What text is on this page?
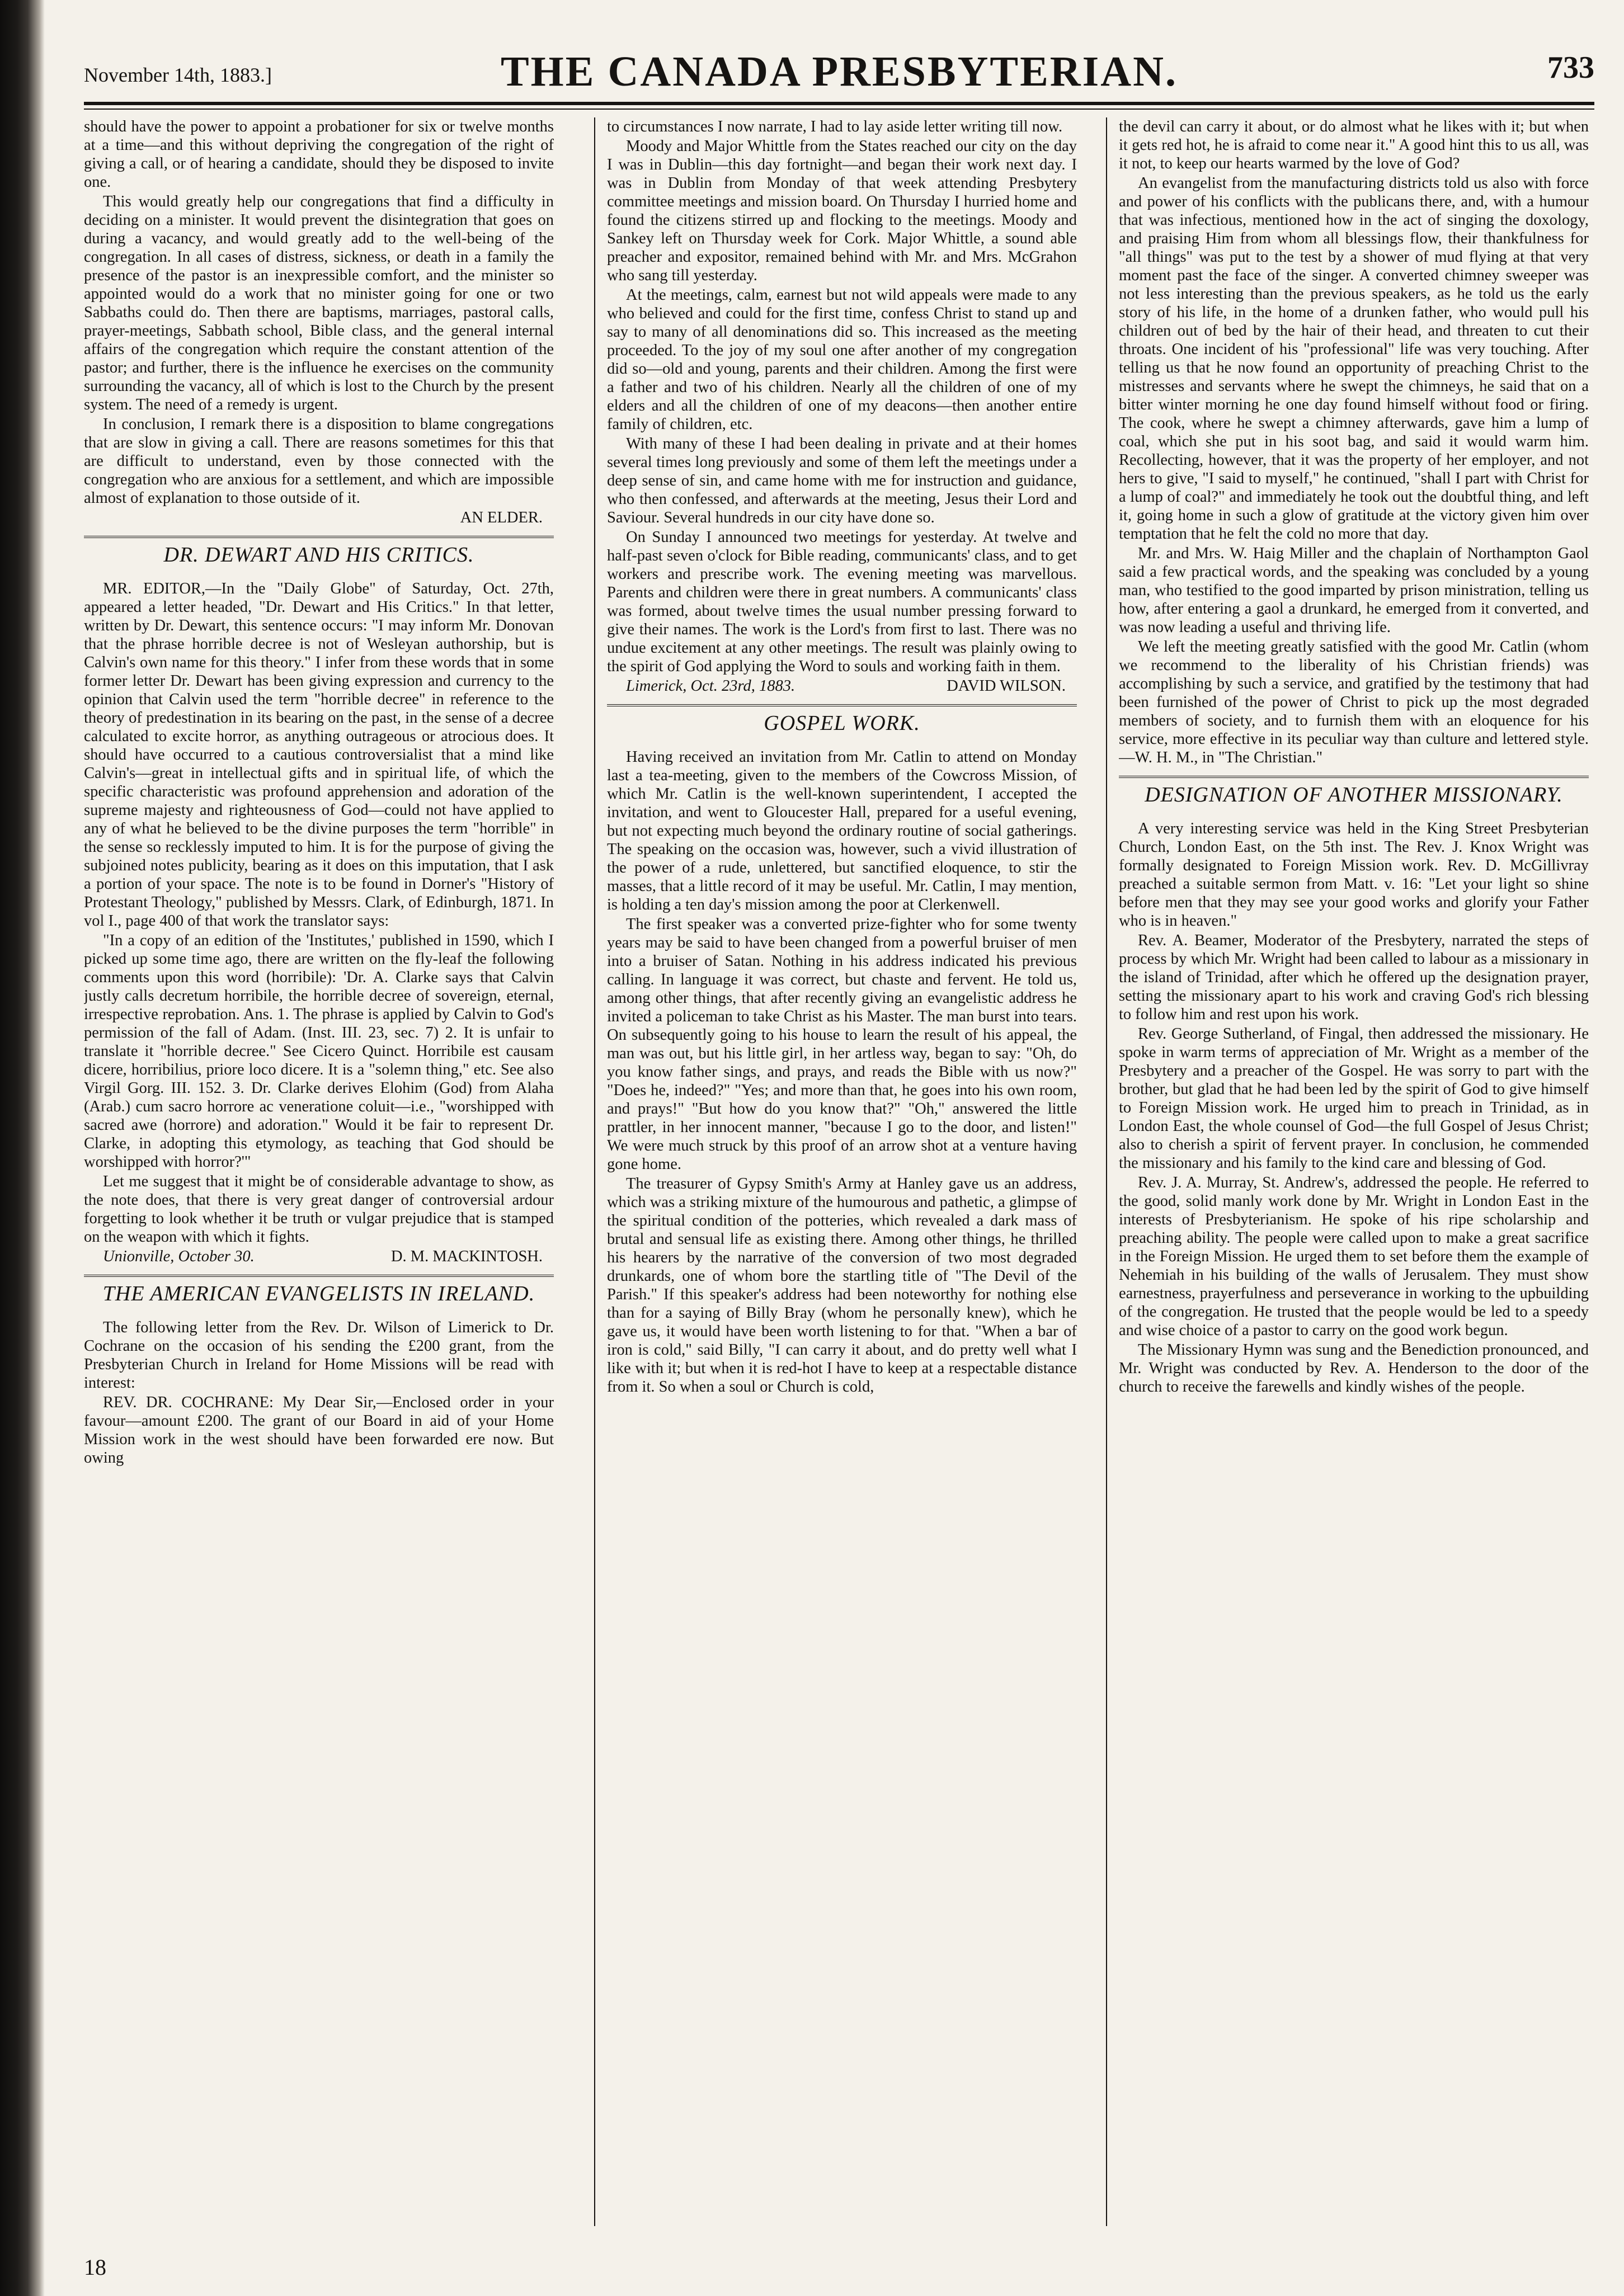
November 14th, 1883.]	THE CANADA PRESBYTERIAN.	733

should have the power to appoint a probationer for six or twelve months at a time—and this without depriving the congregation of the right of giving a call, or of hearing a candidate, should they be disposed to invite one.

This would greatly help our congregations that find a difficulty in deciding on a minister. It would prevent the disintegration that goes on during a vacancy, and would greatly add to the well-being of the congregation. In all cases of distress, sickness, or death in a family the presence of the pastor is an inexpressible comfort, and the minister so appointed would do a work that no minister going for one or two Sabbaths could do. Then there are baptisms, marriages, pastoral calls, prayer-meetings, Sabbath school, Bible class, and the general internal affairs of the congregation which require the constant attention of the pastor; and further, there is the influence he exercises on the community surrounding the vacancy, all of which is lost to the Church by the present system. The need of a remedy is urgent.

In conclusion, I remark there is a disposition to blame congregations that are slow in giving a call. There are reasons sometimes for this that are difficult to understand, even by those connected with the congregation who are anxious for a settlement, and which are impossible almost of explanation to those outside of it.

AN ELDER.
DR. DEWART AND HIS CRITICS.

MR. EDITOR,—In the "Daily Globe" of Saturday, Oct. 27th, appeared a letter headed, "Dr. Dewart and His Critics." In that letter, written by Dr. Dewart, this sentence occurs: "I may inform Mr. Donovan that the phrase horrible decree is not of Wesleyan authorship, but is Calvin's own name for this theory." I infer from these words that in some former letter Dr. Dewart has been giving expression and currency to the opinion that Calvin used the term "horrible decree" in reference to the theory of predestination in its bearing on the past, in the sense of a decree calculated to excite horror, as anything outrageous or atrocious does. It should have occurred to a cautious controversialist that a mind like Calvin's—great in intellectual gifts and in spiritual life, of which the specific characteristic was profound apprehension and adoration of the supreme majesty and righteousness of God—could not have applied to any of what he believed to be the divine purposes the term "horrible" in the sense so recklessly imputed to him. It is for the purpose of giving the subjoined notes publicity, bearing as it does on this imputation, that I ask a portion of your space. The note is to be found in Dorner's "History of Protestant Theology," published by Messrs. Clark, of Edinburgh, 1871. In vol I., page 400 of that work the translator says:

"In a copy of an edition of the 'Institutes,' published in 1590, which I picked up some time ago, there are written on the fly-leaf the following comments upon this word (horribile): 'Dr. A. Clarke says that Calvin justly calls decretum horribile, the horrible decree of sovereign, eternal, irrespective reprobation. Ans. 1. The phrase is applied by Calvin to God's permission of the fall of Adam. (Inst. III. 23, sec. 7) 2. It is unfair to translate it "horrible decree." See Cicero Quinct. Horribile est causam dicere, horribilius, priore loco dicere. It is a "solemn thing," etc. See also Virgil Gorg. III. 152. 3. Dr. Clarke derives Elohim (God) from Alaha (Arab.) cum sacro horrore ac veneratione coluit—i.e., "worshipped with sacred awe (horrore) and adoration." Would it be fair to represent Dr. Clarke, in adopting this etymology, as teaching that God should be worshipped with horror?'"

Let me suggest that it might be of considerable advantage to show, as the note does, that there is very great danger of controversial ardour forgetting to look whether it be truth or vulgar prejudice that is stamped on the weapon with which it fights.

Unionville, October 30.	D. M. MACKINTOSH.
THE AMERICAN EVANGELISTS IN IRELAND.

The following letter from the Rev. Dr. Wilson of Limerick to Dr. Cochrane on the occasion of his sending the £200 grant, from the Presbyterian Church in Ireland for Home Missions will be read with interest:

REV. DR. COCHRANE: My Dear Sir,—Enclosed order in your favour—amount £200. The grant of our Board in aid of your Home Mission work in the west should have been forwarded ere now. But owing

to circumstances I now narrate, I had to lay aside letter writing till now.

Moody and Major Whittle from the States reached our city on the day I was in Dublin—this day fortnight—and began their work next day. I was in Dublin from Monday of that week attending Presbytery committee meetings and mission board. On Thursday I hurried home and found the citizens stirred up and flocking to the meetings. Moody and Sankey left on Thursday week for Cork. Major Whittle, a sound able preacher and expositor, remained behind with Mr. and Mrs. McGrahon who sang till yesterday.

At the meetings, calm, earnest but not wild appeals were made to any who believed and could for the first time, confess Christ to stand up and say to many of all denominations did so. This increased as the meeting proceeded. To the joy of my soul one after another of my congregation did so—old and young, parents and their children. Among the first were a father and two of his children. Nearly all the children of one of my elders and all the children of one of my deacons—then another entire family of children, etc.

With many of these I had been dealing in private and at their homes several times long previously and some of them left the meetings under a deep sense of sin, and came home with me for instruction and guidance, who then confessed, and afterwards at the meeting, Jesus their Lord and Saviour. Several hundreds in our city have done so.

On Sunday I announced two meetings for yesterday. At twelve and half-past seven o'clock for Bible reading, communicants' class, and to get workers and prescribe work. The evening meeting was marvellous. Parents and children were there in great numbers. A communicants' class was formed, about twelve times the usual number pressing forward to give their names. The work is the Lord's from first to last. There was no undue excitement at any other meetings. The result was plainly owing to the spirit of God applying the Word to souls and working faith in them.

Limerick, Oct. 23rd, 1883.	DAVID WILSON.
GOSPEL WORK.

Having received an invitation from Mr. Catlin to attend on Monday last a tea-meeting, given to the members of the Cowcross Mission, of which Mr. Catlin is the well-known superintendent, I accepted the invitation, and went to Gloucester Hall, prepared for a useful evening, but not expecting much beyond the ordinary routine of social gatherings. The speaking on the occasion was, however, such a vivid illustration of the power of a rude, unlettered, but sanctified eloquence, to stir the masses, that a little record of it may be useful. Mr. Catlin, I may mention, is holding a ten day's mission among the poor at Clerkenwell.

The first speaker was a converted prize-fighter who for some twenty years may be said to have been changed from a powerful bruiser of men into a bruiser of Satan. Nothing in his address indicated his previous calling. In language it was correct, but chaste and fervent. He told us, among other things, that after recently giving an evangelistic address he invited a policeman to take Christ as his Master. The man burst into tears. On subsequently going to his house to learn the result of his appeal, the man was out, but his little girl, in her artless way, began to say: "Oh, do you know father sings, and prays, and reads the Bible with us now?" "Does he, indeed?" "Yes; and more than that, he goes into his own room, and prays!" "But how do you know that?" "Oh," answered the little prattler, in her innocent manner, "because I go to the door, and listen!" We were much struck by this proof of an arrow shot at a venture having gone home.

The treasurer of Gypsy Smith's Army at Hanley gave us an address, which was a striking mixture of the humourous and pathetic, a glimpse of the spiritual condition of the potteries, which revealed a dark mass of brutal and sensual life as existing there. Among other things, he thrilled his hearers by the narrative of the conversion of two most degraded drunkards, one of whom bore the startling title of "The Devil of the Parish." If this speaker's address had been noteworthy for nothing else than for a saying of Billy Bray (whom he personally knew), which he gave us, it would have been worth listening to for that. "When a bar of iron is cold," said Billy, "I can carry it about, and do pretty well what I like with it; but when it is red-hot I have to keep at a respectable distance from it. So when a soul or Church is cold,

the devil can carry it about, or do almost what he likes with it; but when it gets red hot, he is afraid to come near it." A good hint this to us all, was it not, to keep our hearts warmed by the love of God?

An evangelist from the manufacturing districts told us also with force and power of his conflicts with the publicans there, and, with a humour that was infectious, mentioned how in the act of singing the doxology, and praising Him from whom all blessings flow, their thankfulness for "all things" was put to the test by a shower of mud flying at that very moment past the face of the singer. A converted chimney sweeper was not less interesting than the previous speakers, as he told us the early story of his life, in the home of a drunken father, who would pull his children out of bed by the hair of their head, and threaten to cut their throats. One incident of his "professional" life was very touching. After telling us that he now found an opportunity of preaching Christ to the mistresses and servants where he swept the chimneys, he said that on a bitter winter morning he one day found himself without food or firing. The cook, where he swept a chimney afterwards, gave him a lump of coal, which she put in his soot bag, and said it would warm him. Recollecting, however, that it was the property of her employer, and not hers to give, "I said to myself," he continued, "shall I part with Christ for a lump of coal?" and immediately he took out the doubtful thing, and left it, going home in such a glow of gratitude at the victory given him over temptation that he felt the cold no more that day.

Mr. and Mrs. W. Haig Miller and the chaplain of Northampton Gaol said a few practical words, and the speaking was concluded by a young man, who testified to the good imparted by prison ministration, telling us how, after entering a gaol a drunkard, he emerged from it converted, and was now leading a useful and thriving life.

We left the meeting greatly satisfied with the good Mr. Catlin (whom we recommend to the liberality of his Christian friends) was accomplishing by such a service, and gratified by the testimony that had been furnished of the power of Christ to pick up the most degraded members of society, and to furnish them with an eloquence for his service, more effective in its peculiar way than culture and lettered style.—W. H. M., in "The Christian."

DESIGNATION OF ANOTHER MISSIONARY.

A very interesting service was held in the King Street Presbyterian Church, London East, on the 5th inst. The Rev. J. Knox Wright was formally designated to Foreign Mission work. Rev. D. McGillivray preached a suitable sermon from Matt. v. 16: "Let your light so shine before men that they may see your good works and glorify your Father who is in heaven."

Rev. A. Beamer, Moderator of the Presbytery, narrated the steps of process by which Mr. Wright had been called to labour as a missionary in the island of Trinidad, after which he offered up the designation prayer, setting the missionary apart to his work and craving God's rich blessing to follow him and rest upon his work.

Rev. George Sutherland, of Fingal, then addressed the missionary. He spoke in warm terms of appreciation of Mr. Wright as a member of the Presbytery and a preacher of the Gospel. He was sorry to part with the brother, but glad that he had been led by the spirit of God to give himself to Foreign Mission work. He urged him to preach in Trinidad, as in London East, the whole counsel of God—the full Gospel of Jesus Christ; also to cherish a spirit of fervent prayer. In conclusion, he commended the missionary and his family to the kind care and blessing of God.

Rev. J. A. Murray, St. Andrew's, addressed the people. He referred to the good, solid manly work done by Mr. Wright in London East in the interests of Presbyterianism. He spoke of his ripe scholarship and preaching ability. The people were called upon to make a great sacrifice in the Foreign Mission. He urged them to set before them the example of Nehemiah in his building of the walls of Jerusalem. They must show earnestness, prayerfulness and perseverance in working to the upbuilding of the congregation. He trusted that the people would be led to a speedy and wise choice of a pastor to carry on the good work begun.

The Missionary Hymn was sung and the Benediction pronounced, and Mr. Wright was conducted by Rev. A. Henderson to the door of the church to receive the farewells and kindly wishes of the people.

18
